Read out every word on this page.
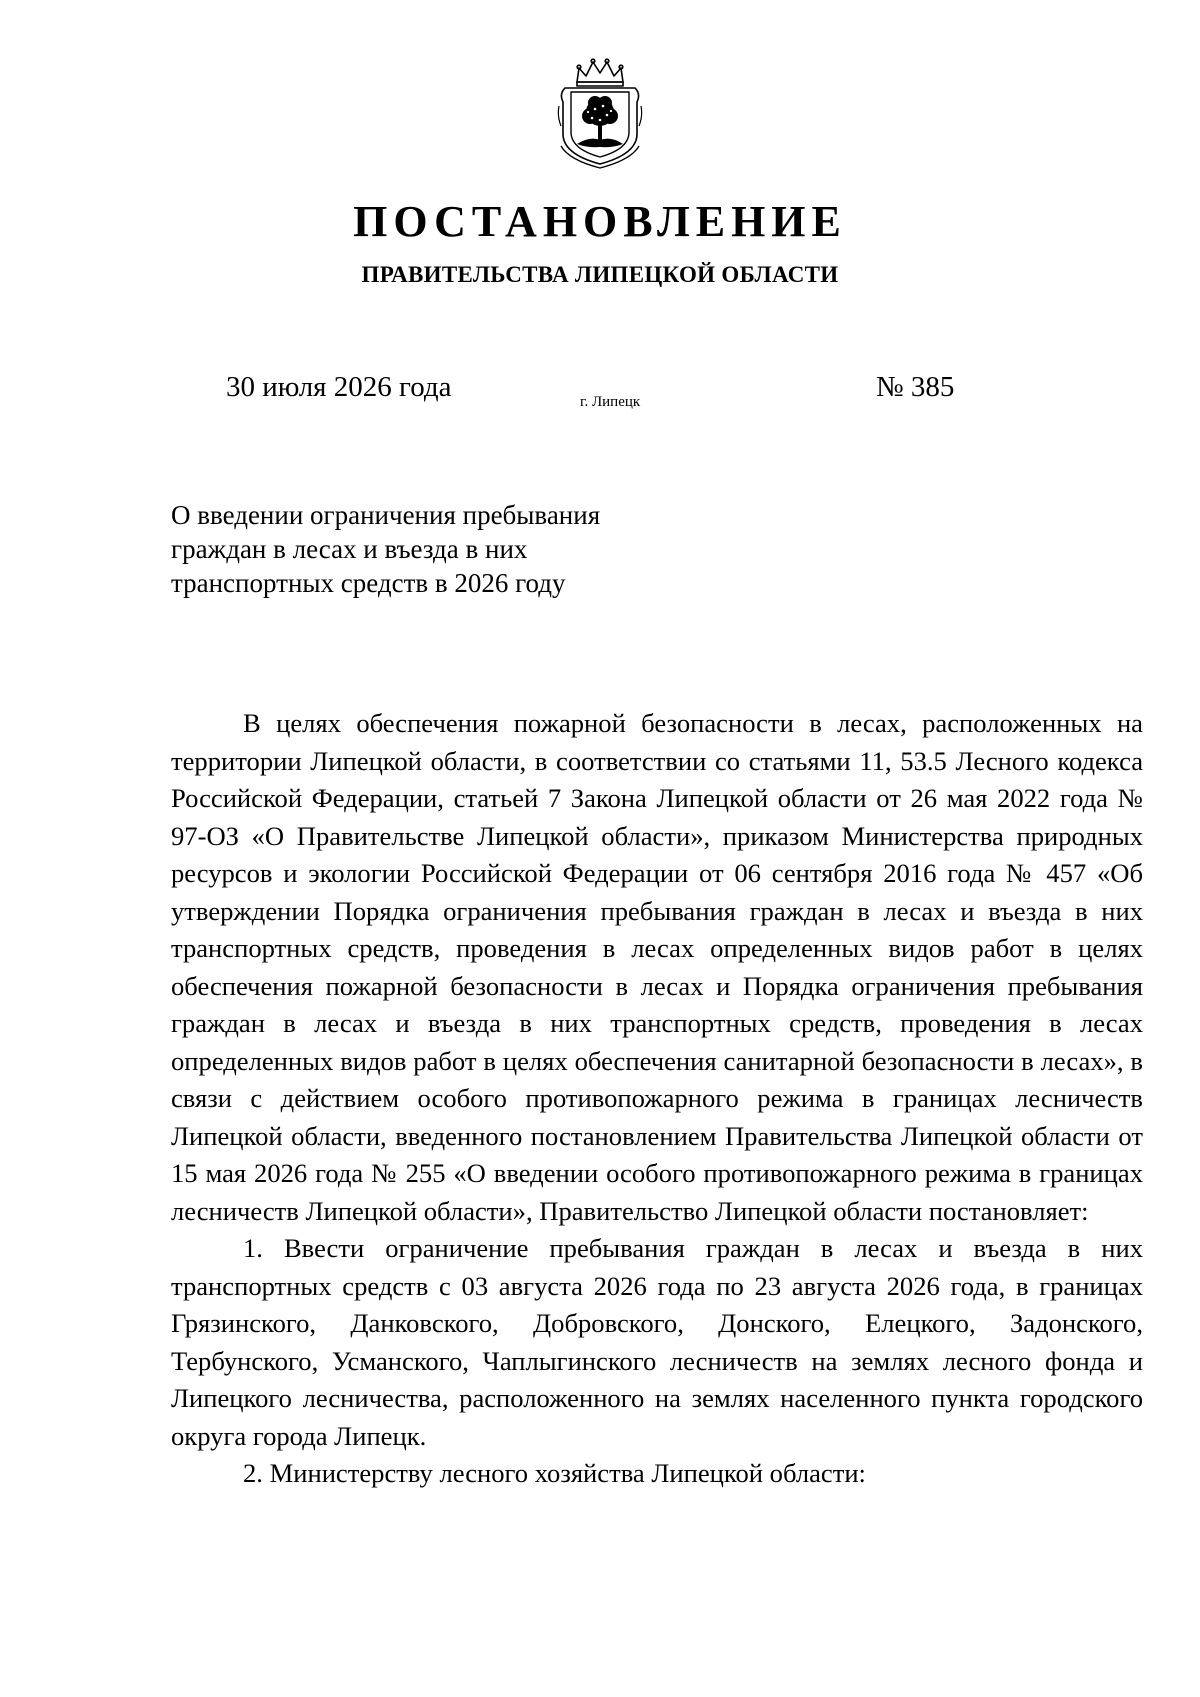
ПОСТАНОВЛЕНИЕ
ПРАВИТЕЛЬСТВА ЛИПЕЦКОЙ ОБЛАСТИ
30 июля 2026 года	г. Липецк	№ 385
О введении ограничения пребывания
граждан в лесах и въезда в них
транспортных средств в 2026 году

В целях обеспечения пожарной безопасности в лесах, расположенных на территории Липецкой области, в соответствии со статьями 11, 53.5 Лесного кодекса Российской Федерации, статьей 7 Закона Липецкой области от 26 мая 2022 года № 97-ОЗ «О Правительстве Липецкой области», приказом Министерства природных ресурсов и экологии Российской Федерации от 06 сентября 2016 года № 457 «Об утверждении Порядка ограничения пребывания граждан в лесах и въезда в них транспортных средств, проведения в лесах определенных видов работ в целях обеспечения пожарной безопасности в лесах и Порядка ограничения пребывания граждан в лесах и въезда в них транспортных средств, проведения в лесах определенных видов работ в целях обеспечения санитарной безопасности в лесах», в связи с действием особого противопожарного режима в границах лесничеств Липецкой области, введенного постановлением Правительства Липецкой области от 15 мая 2026 года № 255 «О введении особого противопожарного режима в границах лесничеств Липецкой области», Правительство Липецкой области постановляет:

1. Ввести ограничение пребывания граждан в лесах и въезда в них транспортных средств с 03 августа 2026 года по 23 августа 2026 года, в границах Грязинского, Данковского, Добровского, Донского, Елецкого, Задонского, Тербунского, Усманского, Чаплыгинского лесничеств на землях лесного фонда и Липецкого лесничества, расположенного на землях населенного пункта городского округа города Липецк.

2. Министерству лесного хозяйства Липецкой области:
